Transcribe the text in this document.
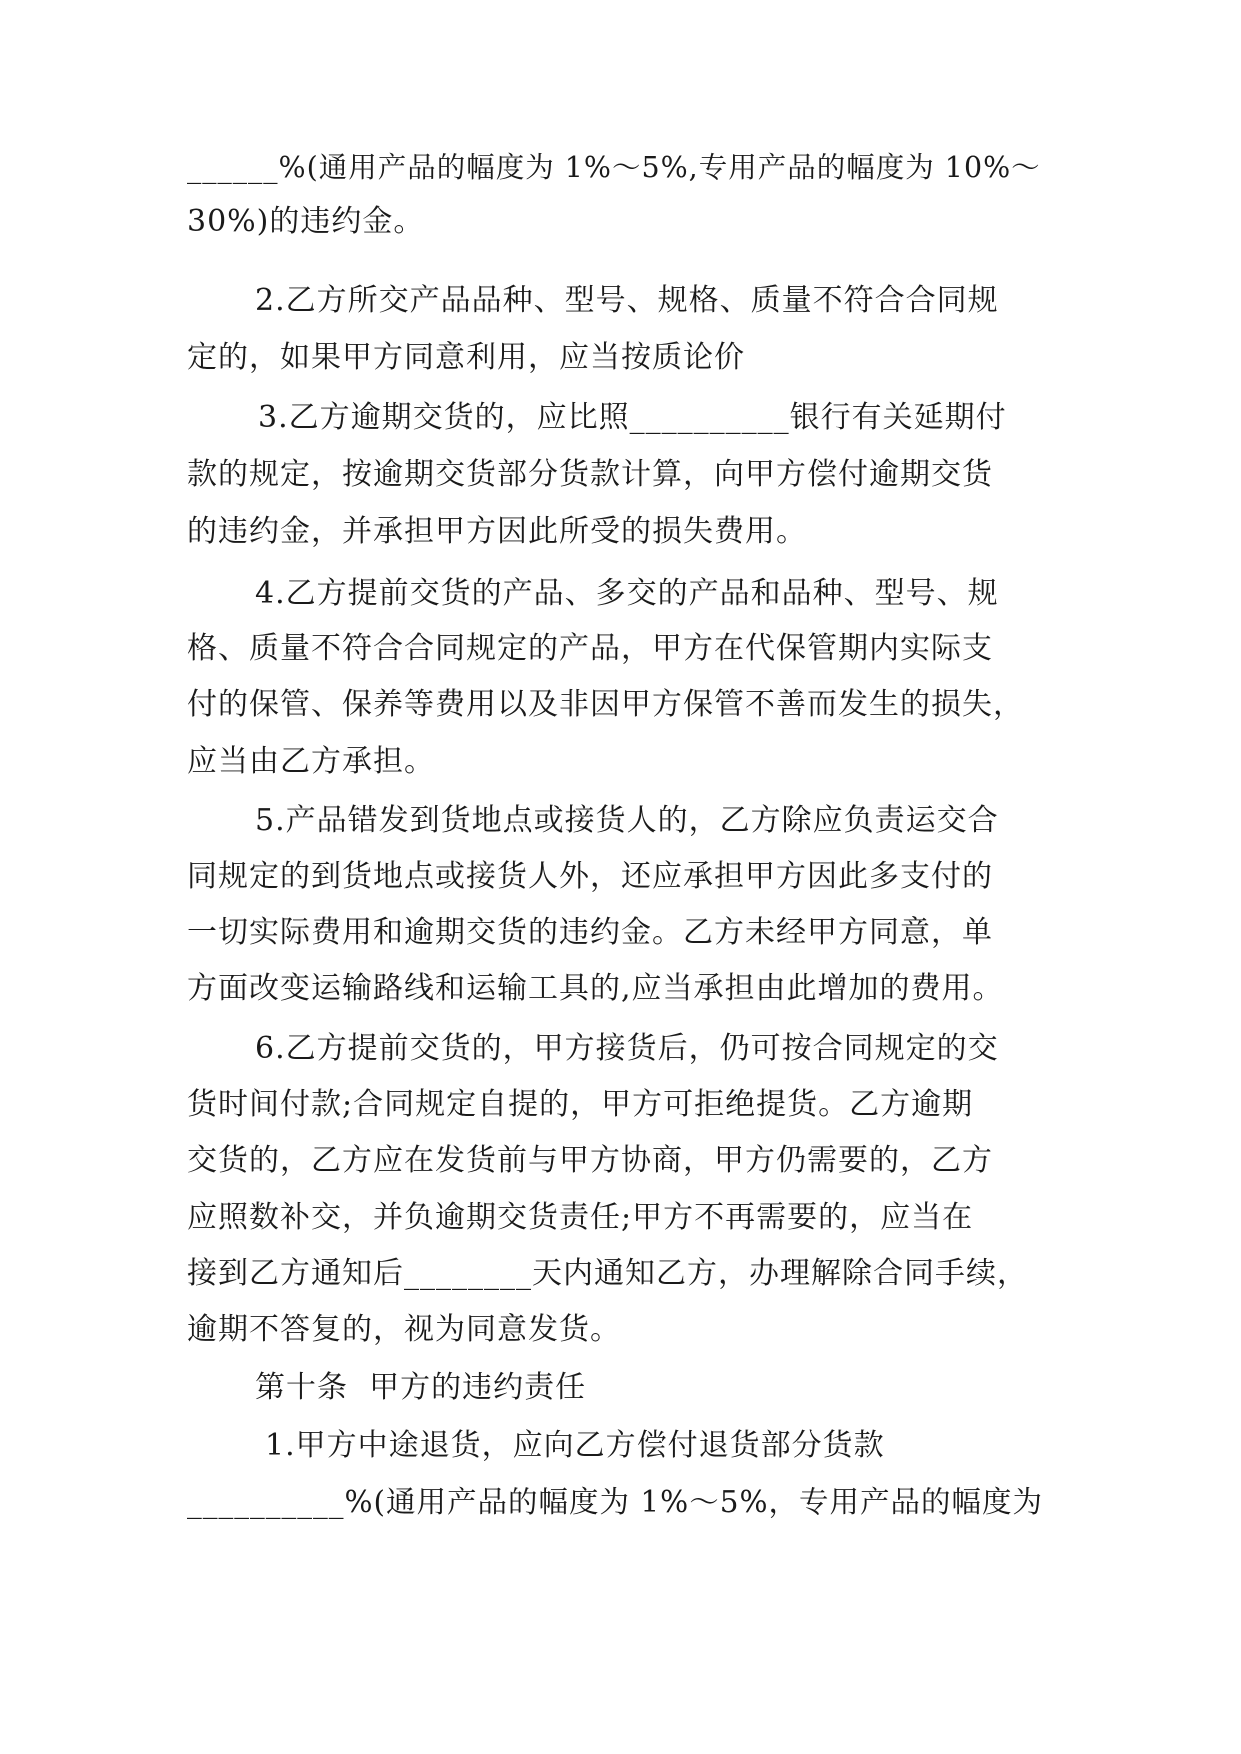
______%(通用产品的幅度为 1%～5%,专用产品的幅度为 10%～
30%)的违约金。
2.乙方所交产品品种、型号、规格、质量不符合合同规
定的，如果甲方同意利用，应当按质论价
3.乙方逾期交货的，应比照__________银行有关延期付
款的规定，按逾期交货部分货款计算，向甲方偿付逾期交货
的违约金，并承担甲方因此所受的损失费用。
4.乙方提前交货的产品、多交的产品和品种、型号、规
格、质量不符合合同规定的产品，甲方在代保管期内实际支
付的保管、保养等费用以及非因甲方保管不善而发生的损失，
应当由乙方承担。
5.产品错发到货地点或接货人的，乙方除应负责运交合
同规定的到货地点或接货人外，还应承担甲方因此多支付的
一切实际费用和逾期交货的违约金。乙方未经甲方同意，单
方面改变运输路线和运输工具的,应当承担由此增加的费用。
6.乙方提前交货的，甲方接货后，仍可按合同规定的交
货时间付款;合同规定自提的，甲方可拒绝提货。乙方逾期
交货的，乙方应在发货前与甲方协商，甲方仍需要的，乙方
应照数补交，并负逾期交货责任;甲方不再需要的，应当在
接到乙方通知后________天内通知乙方，办理解除合同手续，
逾期不答复的，视为同意发货。
第十条  甲方的违约责任
1.甲方中途退货，应向乙方偿付退货部分货款
__________%(通用产品的幅度为 1%～5%，专用产品的幅度为
